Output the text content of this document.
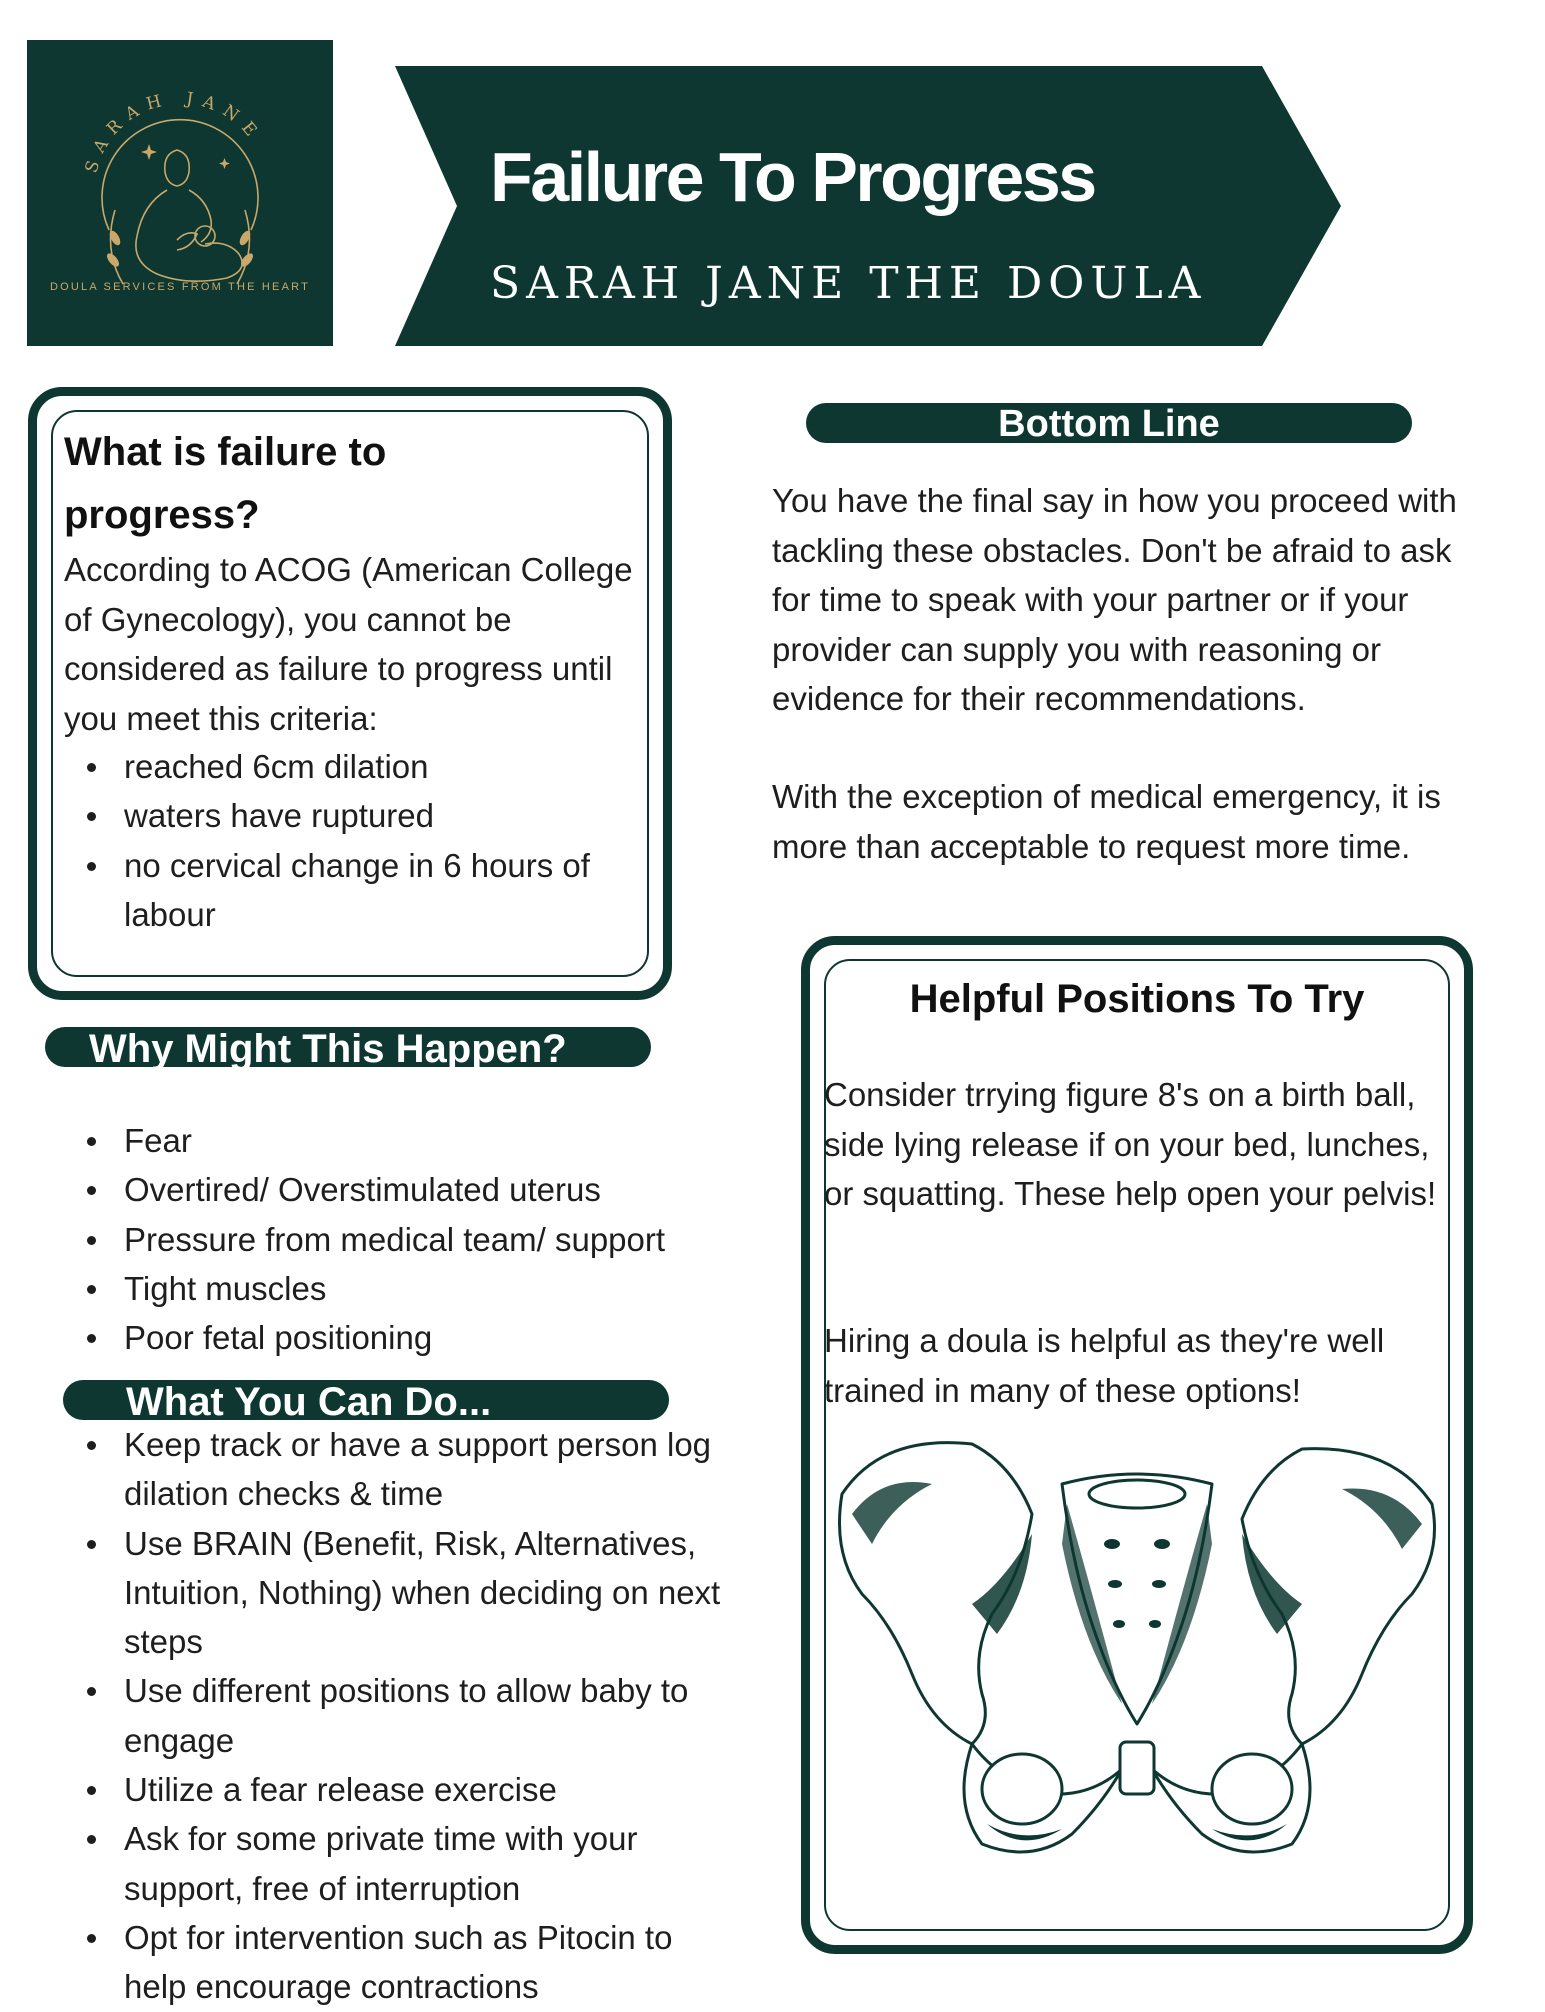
SARAH JANE
DOULA SERVICES FROM THE HEART
Failure To Progress
SARAH JANE THE DOULA
What is failure to progress?
According to ACOG (American College of Gynecology), you cannot be considered as failure to progress until you meet this criteria:
reached 6cm dilation
waters have ruptured
no cervical change in 6 hours of labour
Why Might This Happen?
Fear
Overtired/ Overstimulated uterus
Pressure from medical team/ support
Tight muscles
Poor fetal positioning
What You Can Do...
Keep track or have a support person log dilation checks & time
Use BRAIN (Benefit, Risk, Alternatives, Intuition, Nothing) when deciding on next steps
Use different positions to allow baby to engage
Utilize a fear release exercise
Ask for some private time with your support, free of interruption
Opt for intervention such as Pitocin to help encourage contractions
Bottom Line
You have the final say in how you proceed with tackling these obstacles. Don't be afraid to ask for time to speak with your partner or if your provider can supply you with reasoning or evidence for their recommendations.
With the exception of medical emergency, it is more than acceptable to request more time.
Helpful Positions To Try
Consider trrying figure 8's on a birth ball, side lying release if on your bed, lunches, or squatting. These help open your pelvis!
Hiring a doula is helpful as they're well trained in many of these options!
